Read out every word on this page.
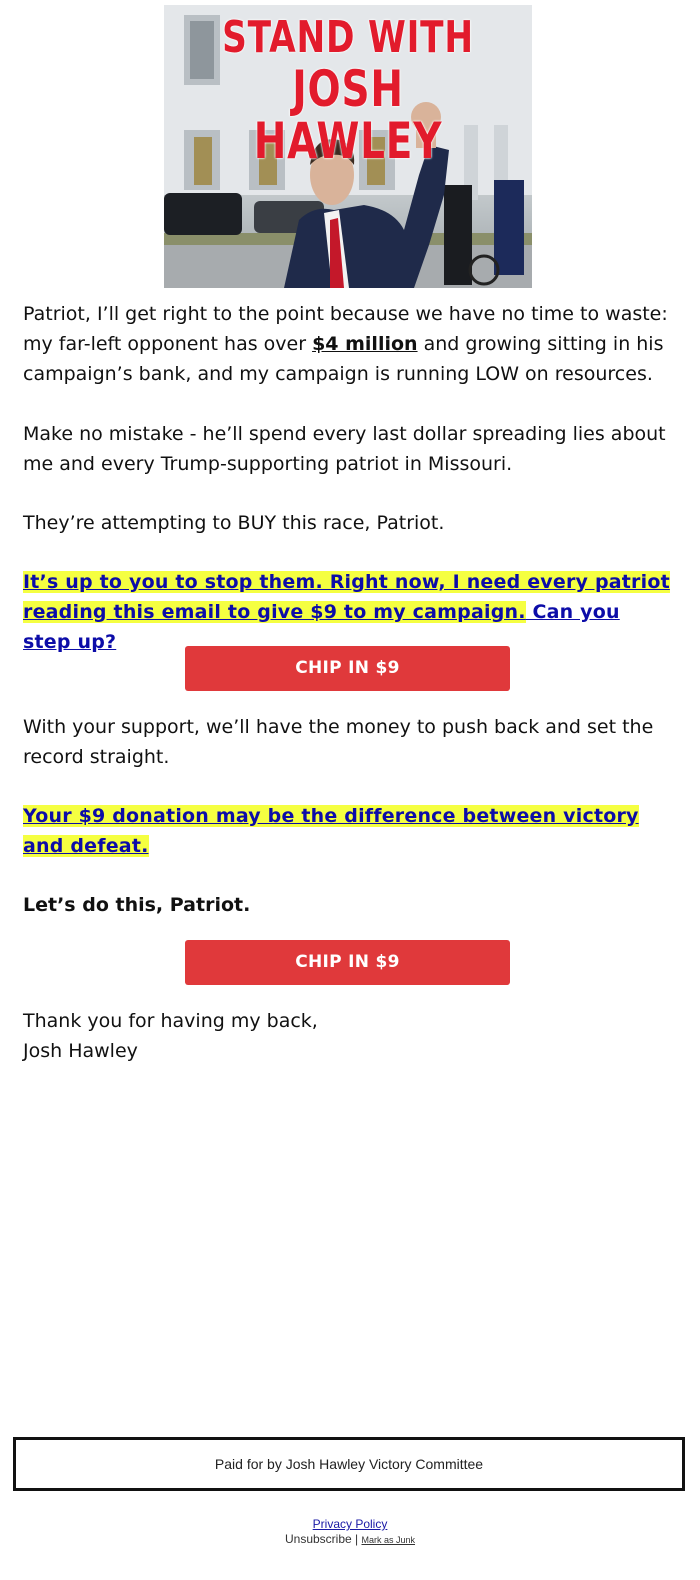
STAND WITH
JOSH HAWLEY

Patriot, I’ll get right to the point because we have no time to waste: my far-left opponent has over $4 million and growing sitting in his campaign’s bank, and my campaign is running LOW on resources.

Make no mistake - he’ll spend every last dollar spreading lies about me and every Trump-supporting patriot in Missouri.

They’re attempting to BUY this race, Patriot.

It’s up to you to stop them. Right now, I need every patriot reading this email to give $9 to my campaign. Can you step up?

CHIP IN $9

With your support, we’ll have the money to push back and set the record straight.

Your $9 donation may be the difference between victory and defeat.

Let’s do this, Patriot.

CHIP IN $9

Thank you for having my back,
Josh Hawley

Paid for by Josh Hawley Victory Committee
Privacy Policy
Unsubscribe | Mark as Junk
